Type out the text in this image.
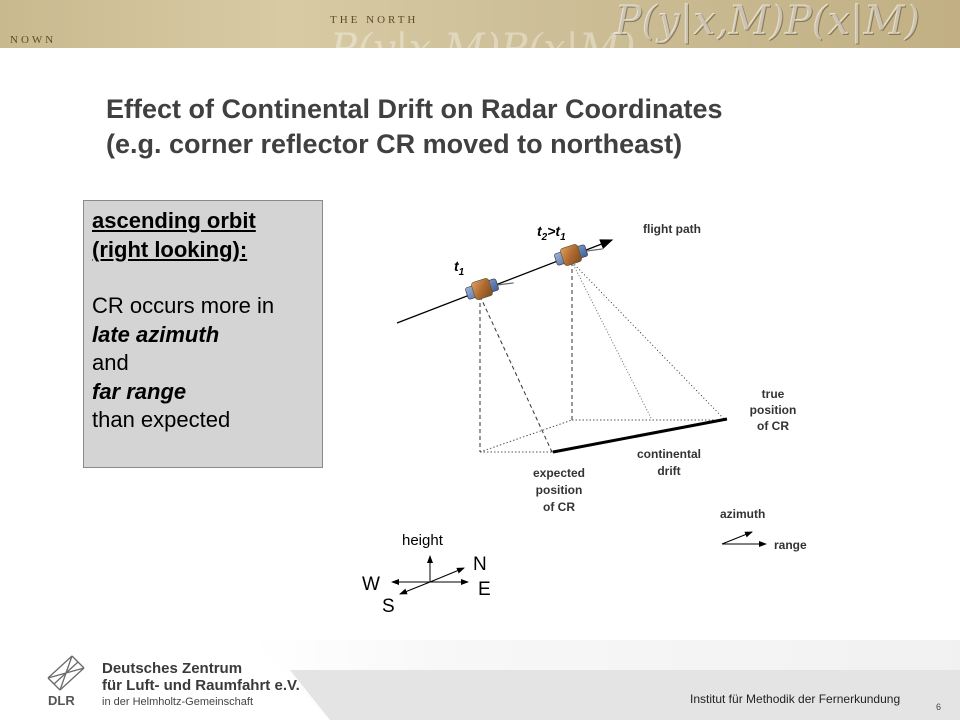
THE NORTH
NOWN	P(y|x,M)P(x|M)
P(y|x,M)P(x|M)
Effect of Continental Drift on Radar Coordinates
(e.g. corner reflector CR moved to northeast)
ascending orbit
(right looking):
CR occurs more in
late azimuth
and
far range
than expected
$t_1$
$t_2>t_1$
flight path
true
position
of CR
continental
drift
expected
position
of CR	azimuth
range
height
N
E
W
S
DLR
Deutsches Zentrum
für Luft- und Raumfahrt e.V.
in der Helmholtz-Gemeinschaft	Institut für Methodik der Fernerkundung
6
